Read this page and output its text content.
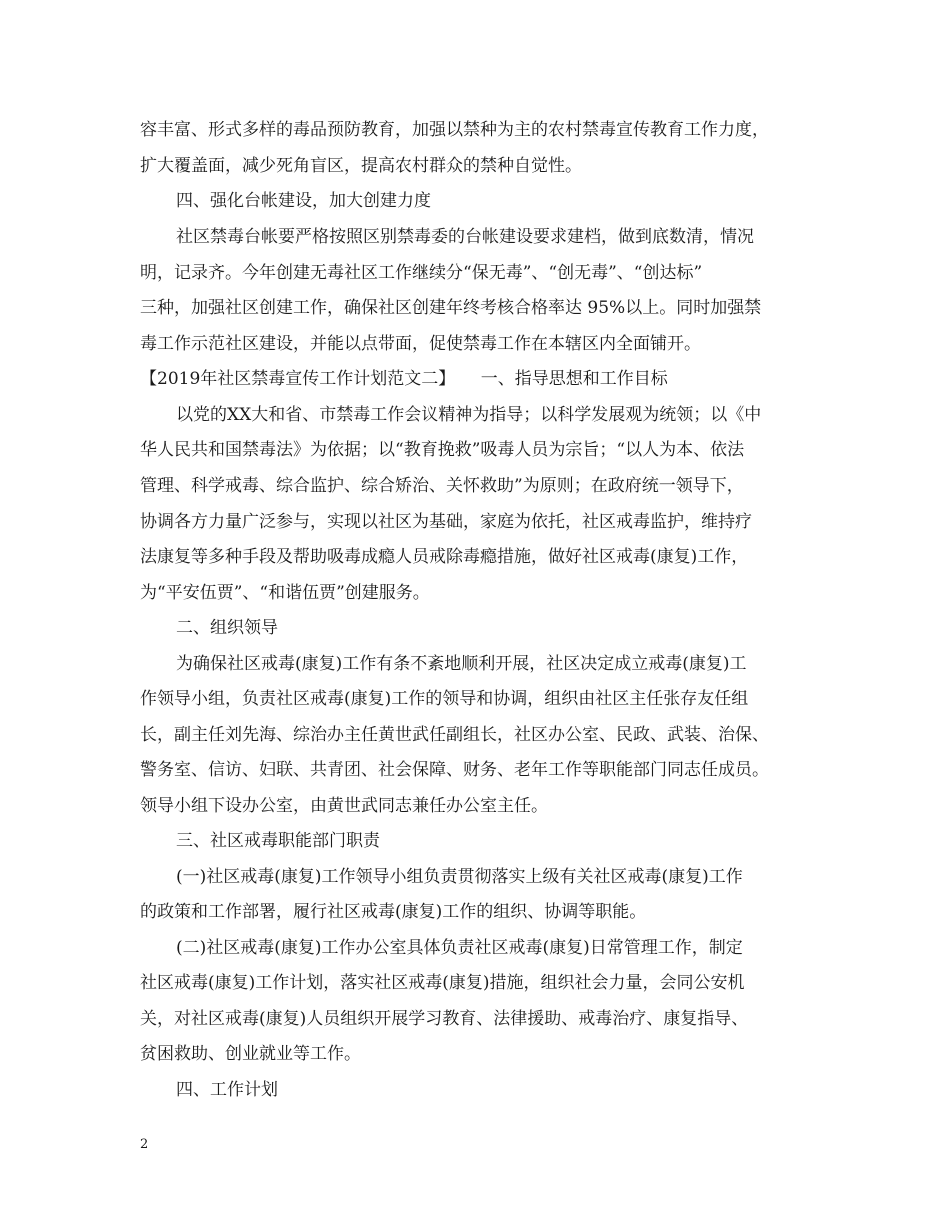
容丰富、形式多样的毒品预防教育，加强以禁种为主的农村禁毒宣传教育工作力度，
扩大覆盖面，减少死角盲区，提高农村群众的禁种自觉性。
四、强化台帐建设，加大创建力度
社区禁毒台帐要严格按照区别禁毒委的台帐建设要求建档，做到底数清，情况
明，记录齐。今年创建无毒社区工作继续分“保无毒”、“创无毒”、“创达标”
三种，加强社区创建工作，确保社区创建年终考核合格率达 95%以上。同时加强禁
毒工作示范社区建设，并能以点带面，促使禁毒工作在本辖区内全面铺开。
【2019年社区禁毒宣传工作计划范文二】　　一、指导思想和工作目标
以党的XX大和省、市禁毒工作会议精神为指导；以科学发展观为统领；以《中
华人民共和国禁毒法》为依据；以“教育挽救”吸毒人员为宗旨；“以人为本、依法
管理、科学戒毒、综合监护、综合矫治、关怀救助”为原则；在政府统一领导下，
协调各方力量广泛参与，实现以社区为基础，家庭为依托，社区戒毒监护，维持疗
法康复等多种手段及帮助吸毒成瘾人员戒除毒瘾措施，做好社区戒毒(康复)工作，
为“平安伍贾”、“和谐伍贾”创建服务。
二、组织领导
为确保社区戒毒(康复)工作有条不紊地顺利开展，社区决定成立戒毒(康复)工
作领导小组，负责社区戒毒(康复)工作的领导和协调，组织由社区主任张存友任组
长，副主任刘先海、综治办主任黄世武任副组长，社区办公室、民政、武装、治保、
警务室、信访、妇联、共青团、社会保障、财务、老年工作等职能部门同志任成员。
领导小组下设办公室，由黄世武同志兼任办公室主任。
三、社区戒毒职能部门职责
(一)社区戒毒(康复)工作领导小组负责贯彻落实上级有关社区戒毒(康复)工作
的政策和工作部署，履行社区戒毒(康复)工作的组织、协调等职能。
(二)社区戒毒(康复)工作办公室具体负责社区戒毒(康复)日常管理工作，制定
社区戒毒(康复)工作计划，落实社区戒毒(康复)措施，组织社会力量，会同公安机
关，对社区戒毒(康复)人员组织开展学习教育、法律援助、戒毒治疗、康复指导、
贫困救助、创业就业等工作。
四、工作计划
2
